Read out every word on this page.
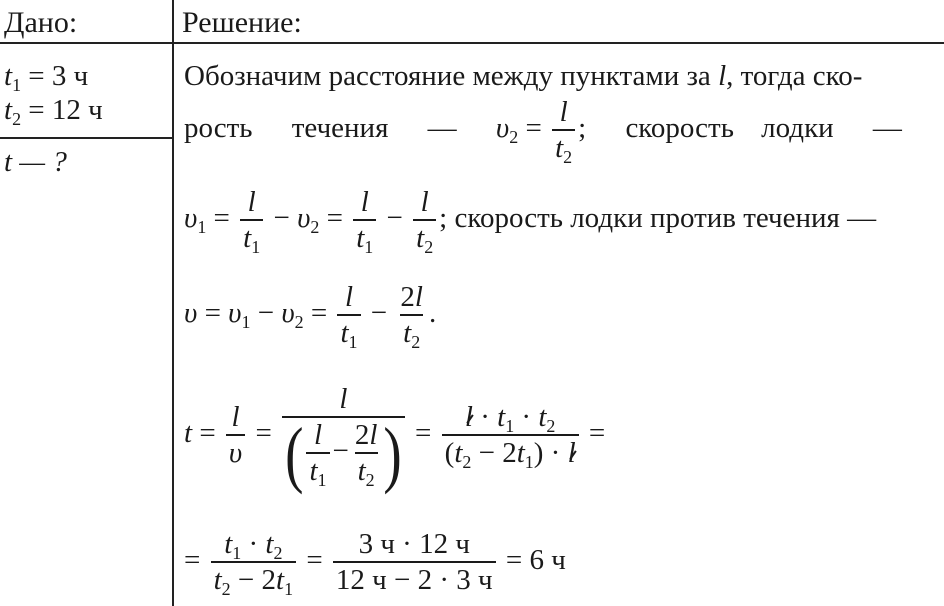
Дано:	Решение:
$t_1 = 3$ ч
$t_2 = 12$ ч
t — ?
Обозначим расстояние между пунктами за l, тогда ско-
рость течения — $\upsilon_2 = \frac{l}{t_2}$ ; скорость лодки —
$\upsilon_1 = \frac{l}{t_1} - \upsilon_2 = \frac{l}{t_1} - \frac{l}{t_2}$ ; скорость лодки против течения —
$\upsilon = \upsilon_1 - \upsilon_2 = \frac{l}{t_1} - \frac{2l}{t_2}$ .
$t = \frac{l}{\upsilon} = \frac{l}{( \frac{l}{t_1} - \frac{2l}{t_2} )} = \frac{l \cdot t_1 \cdot t_2}{(t_2 - 2t_1) \cdot l}$ =
= $\frac{t_1 \cdot t_2}{t_2 - 2t_1} = \frac{3 ч \cdot 12 ч}{12 ч - 2 \cdot 3 ч} = 6$ ч
